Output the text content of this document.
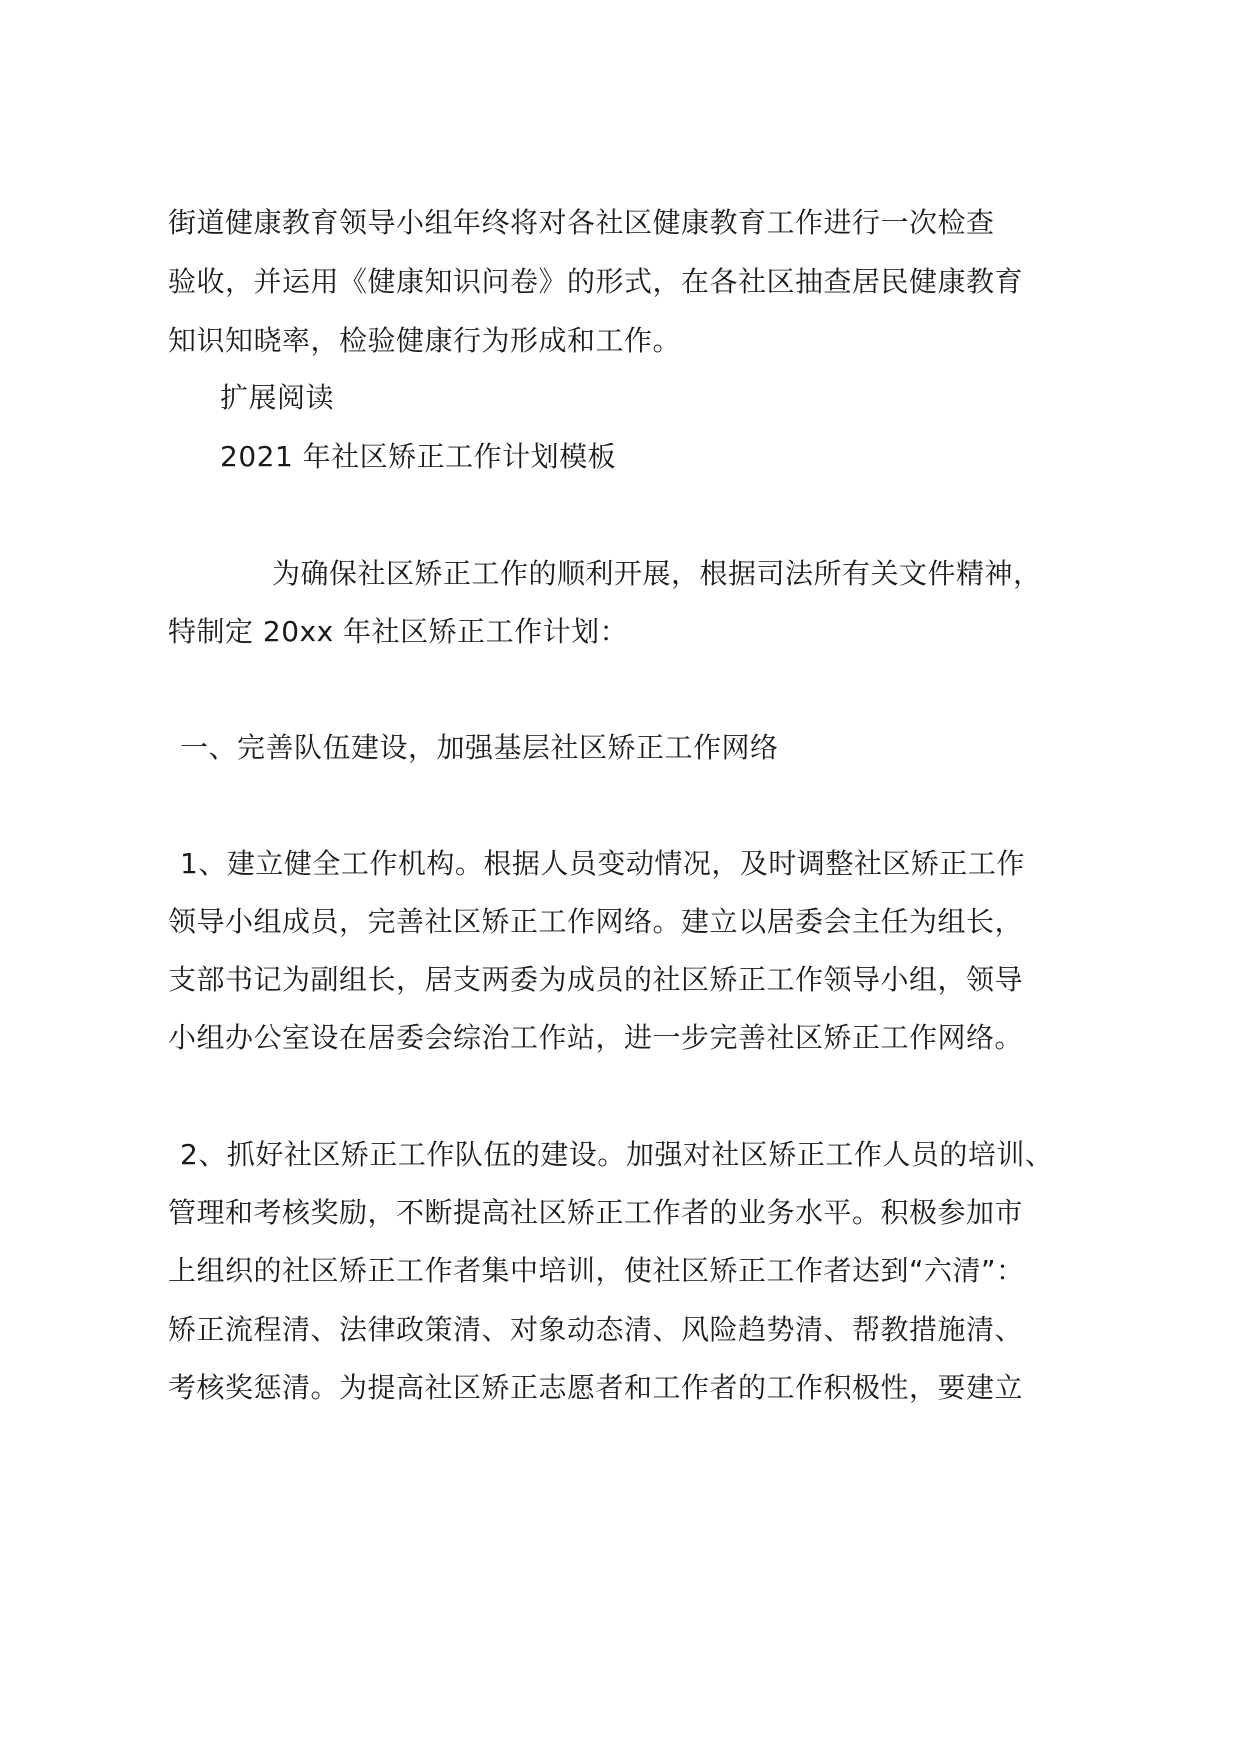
街道健康教育领导小组年终将对各社区健康教育工作进行一次检查
验收，并运用《健康知识问卷》的形式，在各社区抽查居民健康教育
知识知晓率，检验健康行为形成和工作。
扩展阅读
2021 年社区矫正工作计划模板
为确保社区矫正工作的顺利开展，根据司法所有关文件精神，
特制定 20xx 年社区矫正工作计划：
一、完善队伍建设，加强基层社区矫正工作网络
1、建立健全工作机构。根据人员变动情况，及时调整社区矫正工作
领导小组成员，完善社区矫正工作网络。建立以居委会主任为组长，
支部书记为副组长，居支两委为成员的社区矫正工作领导小组，领导
小组办公室设在居委会综治工作站，进一步完善社区矫正工作网络。
2、抓好社区矫正工作队伍的建设。加强对社区矫正工作人员的培训、
管理和考核奖励，不断提高社区矫正工作者的业务水平。积极参加市
上组织的社区矫正工作者集中培训，使社区矫正工作者达到“六清”：
矫正流程清、法律政策清、对象动态清、风险趋势清、帮教措施清、
考核奖惩清。为提高社区矫正志愿者和工作者的工作积极性，要建立
